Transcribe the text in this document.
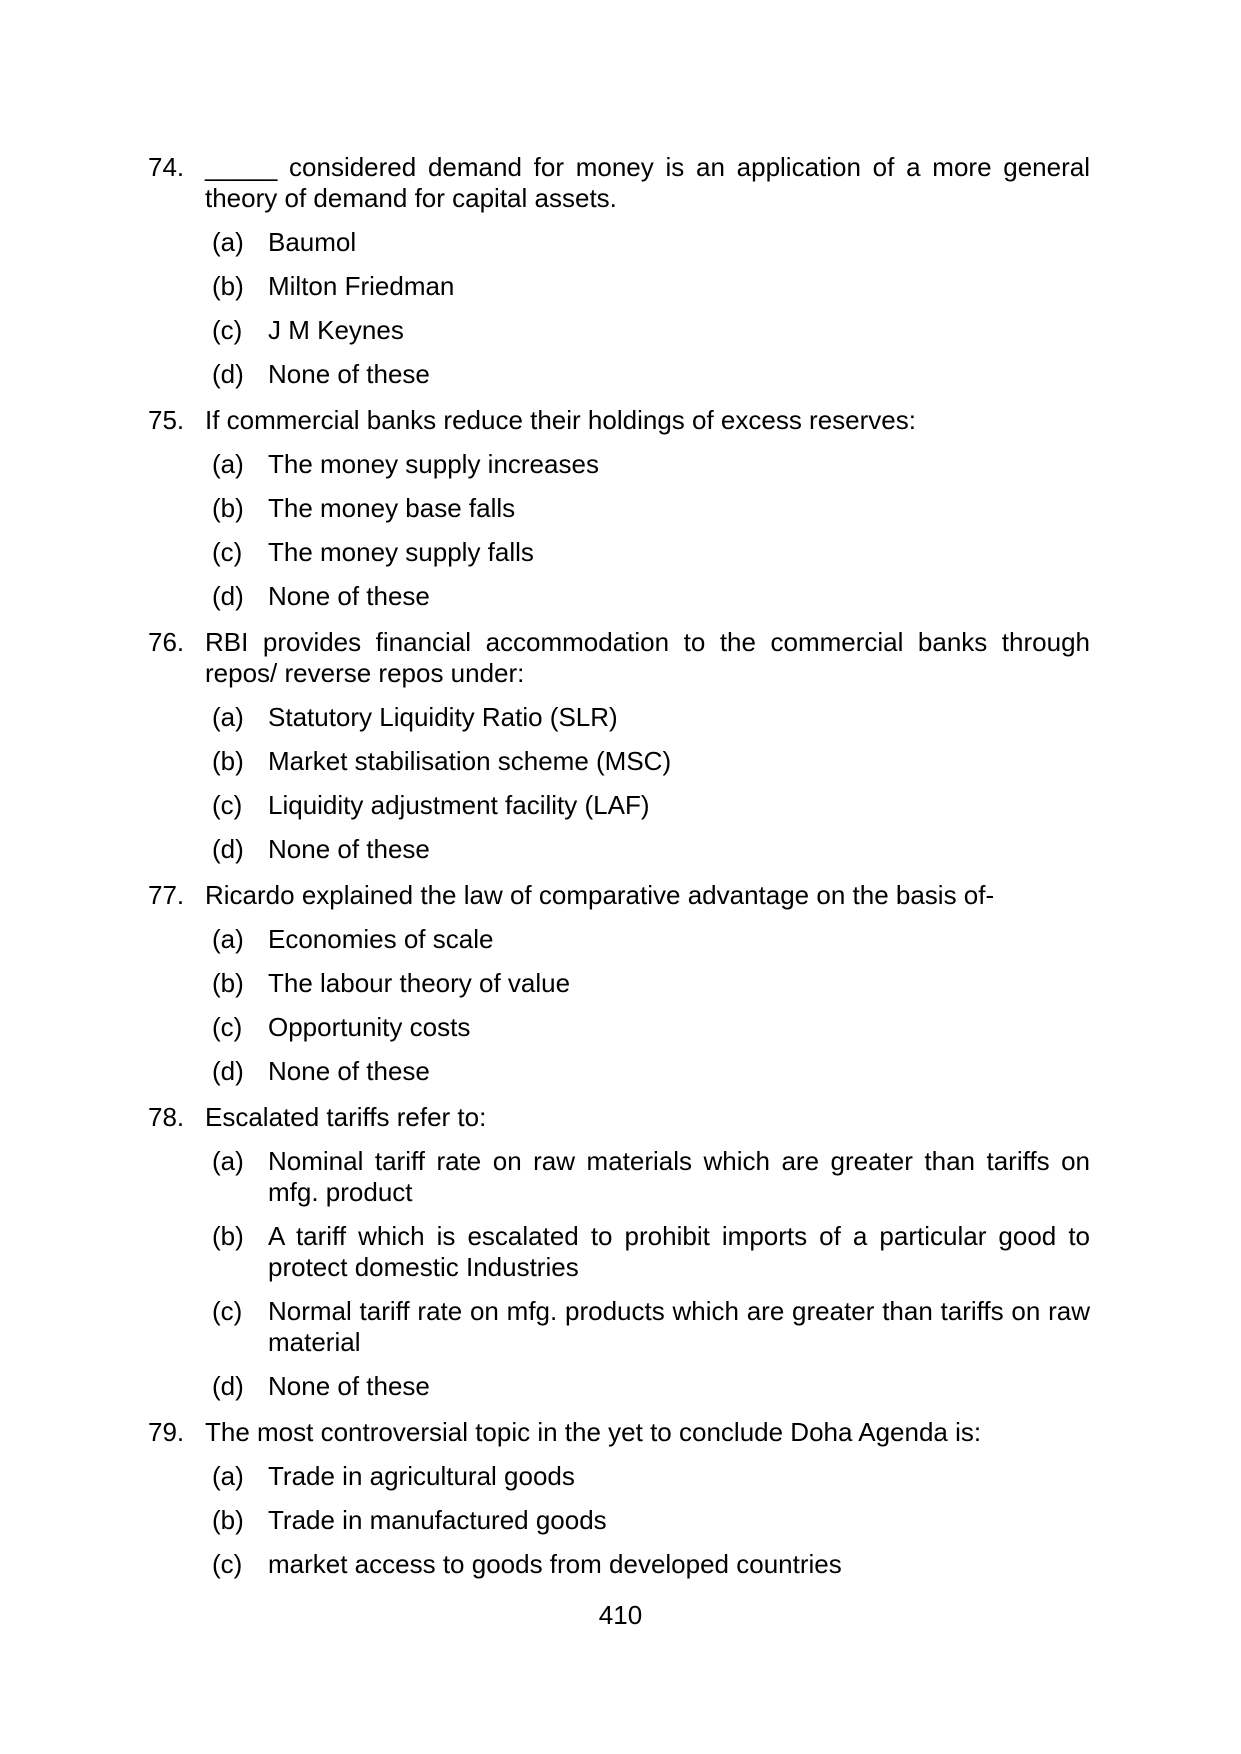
74. _____ considered demand for money is an application of a more general theory of demand for capital assets.

(a) Baumol

(b) Milton Friedman

(c) J M Keynes

(d) None of these

75. If commercial banks reduce their holdings of excess reserves:

(a) The money supply increases

(b) The money base falls

(c) The money supply falls

(d) None of these

76. RBI provides financial accommodation to the commercial banks through repos/ reverse repos under:

(a) Statutory Liquidity Ratio (SLR)

(b) Market stabilisation scheme (MSC)

(c) Liquidity adjustment facility (LAF)

(d) None of these

77. Ricardo explained the law of comparative advantage on the basis of-

(a) Economies of scale

(b) The labour theory of value

(c) Opportunity costs

(d) None of these

78. Escalated tariffs refer to:

(a) Nominal tariff rate on raw materials which are greater than tariffs on mfg. product

(b) A tariff which is escalated to prohibit imports of a particular good to protect domestic Industries

(c) Normal tariff rate on mfg. products which are greater than tariffs on raw material

(d) None of these

79. The most controversial topic in the yet to conclude Doha Agenda is:

(a) Trade in agricultural goods

(b) Trade in manufactured goods

(c) market access to goods from developed countries

410
